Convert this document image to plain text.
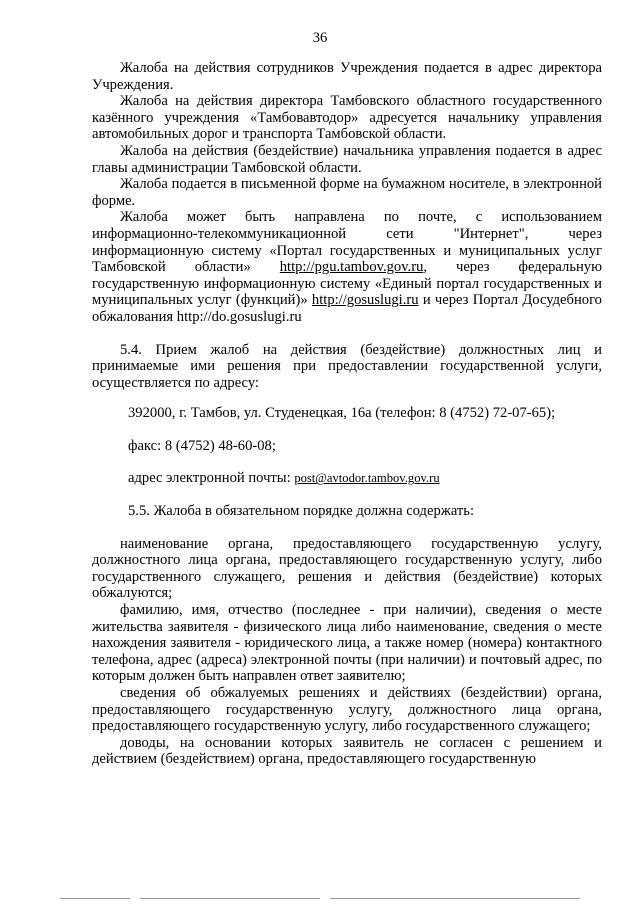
36

Жалоба на действия сотрудников Учреждения подается в адрес директора Учреждения.

Жалоба на действия директора Тамбовского областного государственного казённого учреждения «Тамбовавтодор» адресуется начальнику управления автомобильных дорог и транспорта Тамбовской области.

Жалоба на действия (бездействие) начальника управления подается в адрес главы администрации Тамбовской области.

Жалоба подается в письменной форме на бумажном носителе, в электронной форме.

Жалоба может быть направлена по почте, с использованием информационно-телекоммуникационной сети "Интернет", через информационную систему «Портал государственных и муниципальных услуг Тамбовской области» http://pgu.tambov.gov.ru, через федеральную государственную информационную систему «Единый портал государственных и муниципальных услуг (функций)» http://gosuslugi.ru и через Портал Досудебного обжалования http://do.gosuslugi.ru

5.4. Прием жалоб на действия (бездействие) должностных лиц и принимаемые ими решения при предоставлении государственной услуги, осуществляется по адресу:

392000, г. Тамбов, ул. Студенецкая, 16а (телефон: 8 (4752) 72-07-65);

факс: 8 (4752) 48-60-08;

адрес электронной почты: post@avtodor.tambov.gov.ru

5.5. Жалоба в обязательном порядке должна содержать:

наименование органа, предоставляющего государственную услугу, должностного лица органа, предоставляющего государственную услугу, либо государственного служащего, решения и действия (бездействие) которых обжалуются;

фамилию, имя, отчество (последнее - при наличии), сведения о месте жительства заявителя - физического лица либо наименование, сведения о месте нахождения заявителя - юридического лица, а также номер (номера) контактного телефона, адрес (адреса) электронной почты (при наличии) и почтовый адрес, по которым должен быть направлен ответ заявителю;

сведения об обжалуемых решениях и действиях (бездействии) органа, предоставляющего государственную услугу, должностного лица органа, предоставляющего государственную услугу, либо государственного служащего;

доводы, на основании которых заявитель не согласен с решением и действием (бездействием) органа, предоставляющего государственную
